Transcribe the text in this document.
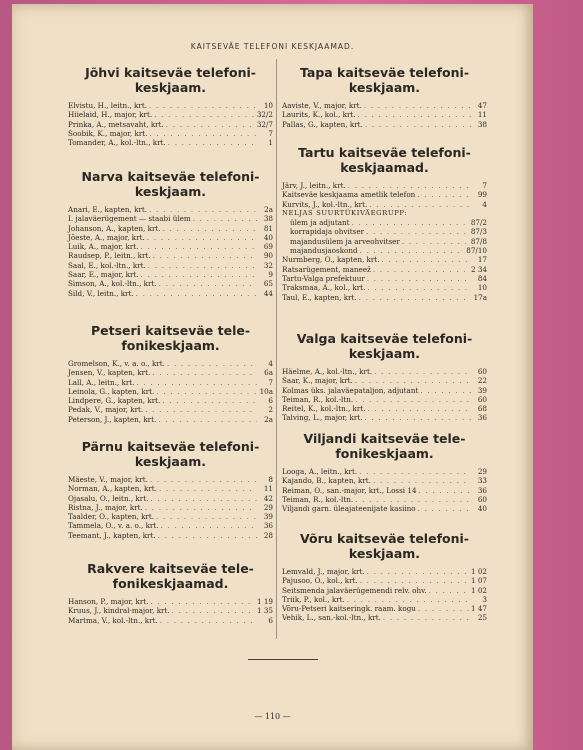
KAITSEVÄE TELEFONI KESKJAAMAD.
Jõhvi kaitseväe telefoni-
keskjaam.
Elvistu, H., leitn., krt. . . .	10
Hiielaid, H., major, krt. . . .	32/2
Prinka, A., metsavaht, krt. . . .	32/7
Soobik, K., major, krt. . . .	7
Tomander, A., kol.-ltn., krt. . . .	1
Narva kaitseväe telefoni-
keskjaam.
Anari, E., kapten, krt. . . .	2a
I. jalaväerügement — staabi ülem . . .	38
Johanson, A., kapten, krt. . . .	81
Jõeste, A., major, krt. . . .	40
Luik, A., major, krt. . . .	69
Raudsep, P., leitn., krt. . . .	90
Saal, E., kol.-ltn., krt. . . .	32
Saar, E., major, krt. . . .	9
Simson, A., kol.-ltn., krt. . . .	65
Sild, V., leitn., krt. . . .	44
Petseri kaitseväe tele-
fonikeskjaam.
Gromelson, K., v. a. o., krt. . . .	4
Jensen, V., kapten, krt. . . .	6a
Lall, A., leitn., krt. . . .	7
Leinola, G., kapten, krt. . . .	10a
Lindpere, G., kapten, krt. . . .	6
Pedak, V., major, krt. . . .	2
Peterson, J., kapten, krt. . . .	2a
Pärnu kaitseväe telefoni-
keskjaam.
Mäeste, V., major, krt. . . .	8
Norman, A., kapten, krt. . . .	11
Ojasalu, O., leitn., krt. . . .	42
Ristna, J., major, krt. . . .	29
Taalder, O., kapten, krt. . . .	39
Tammela, O., v. a. o., krt. . . .	36
Teemant, J., kapten, krt. . . .	28
Rakvere kaitseväe tele-
fonikeskjaamad.
Hanson, P., major, krt. . . .	1 19
Kruus, J., kindral-major, krt. . . .	1 35
Martma, V., kol.-ltn., krt. . . .	6
Tapa kaitseväe telefoni-
keskjaam.
Aaviste, V., major, krt. . . .	47
Laurits, K., kol., krt. . . .	11
Pallas, G., kapten, krt. . . .	38
Tartu kaitseväe telefoni-
keskjaamad.
Järv, J., leitn., krt. . . .	7
Kaitseväe keskjaama ametlik telefon . . .	99
Kurvits, J., kol.-ltn., krt. . . .	4
NELJAS SUURTÜKIVÄEGRUPP:
ülem ja adjutant . . .	87/2
korrapidaja ohvitser . . .	87/3
majandusülem ja arveohvitser . . .	87/8
majandusjaoskond . . .	87/10
Nurmberg, O., kapten, krt. . . .	17
Ratsarügement, maneež . . .	2 34
Tartu-Valga prefektuur . . .	84
Traksmaa, A., kol., krt. . . .	10
Taul, E., kapten, krt. . . .	17a
Valga kaitseväe telefoni-
keskjaam.
Häelme, A., kol.-ltn., krt. . . .	60
Saar, K., major, krt. . . .	22
Kolmas üks. jalaväepataljon, adjutant . . .	39
Teiman, R., kol.-ltn. . . .	60
Reitel, K., kol.-ltn., krt. . . .	68
Talving, L., major, krt. . . .	36
Viljandi kaitseväe tele-
fonikeskjaam.
Looga, A., leitn., krt. . . .	29
Kajando, B., kapten, krt. . . .	33
Reiman, O., san.-major, krt., Lossi 14 . . .	36
Teiman, R., kol.-ltn. . . .	60
Viljandi garn. üleajateenijate kasiino . . .	40
Võru kaitseväe telefoni-
keskjaam.
Lemvald, J., major, krt. . . .	1 02
Pajusoo, O., kol., krt. . . .	1 07
Seitsmenda jalaväerügemendi relv. ohv. . . .	1 02
Triik, P., kol., krt. . . .	3
Võru-Petseri kaitseringk. raam. kogu . . .	1 47
Vehik, L., san.-kol.-ltn., krt. . . .	25
— 110 —
